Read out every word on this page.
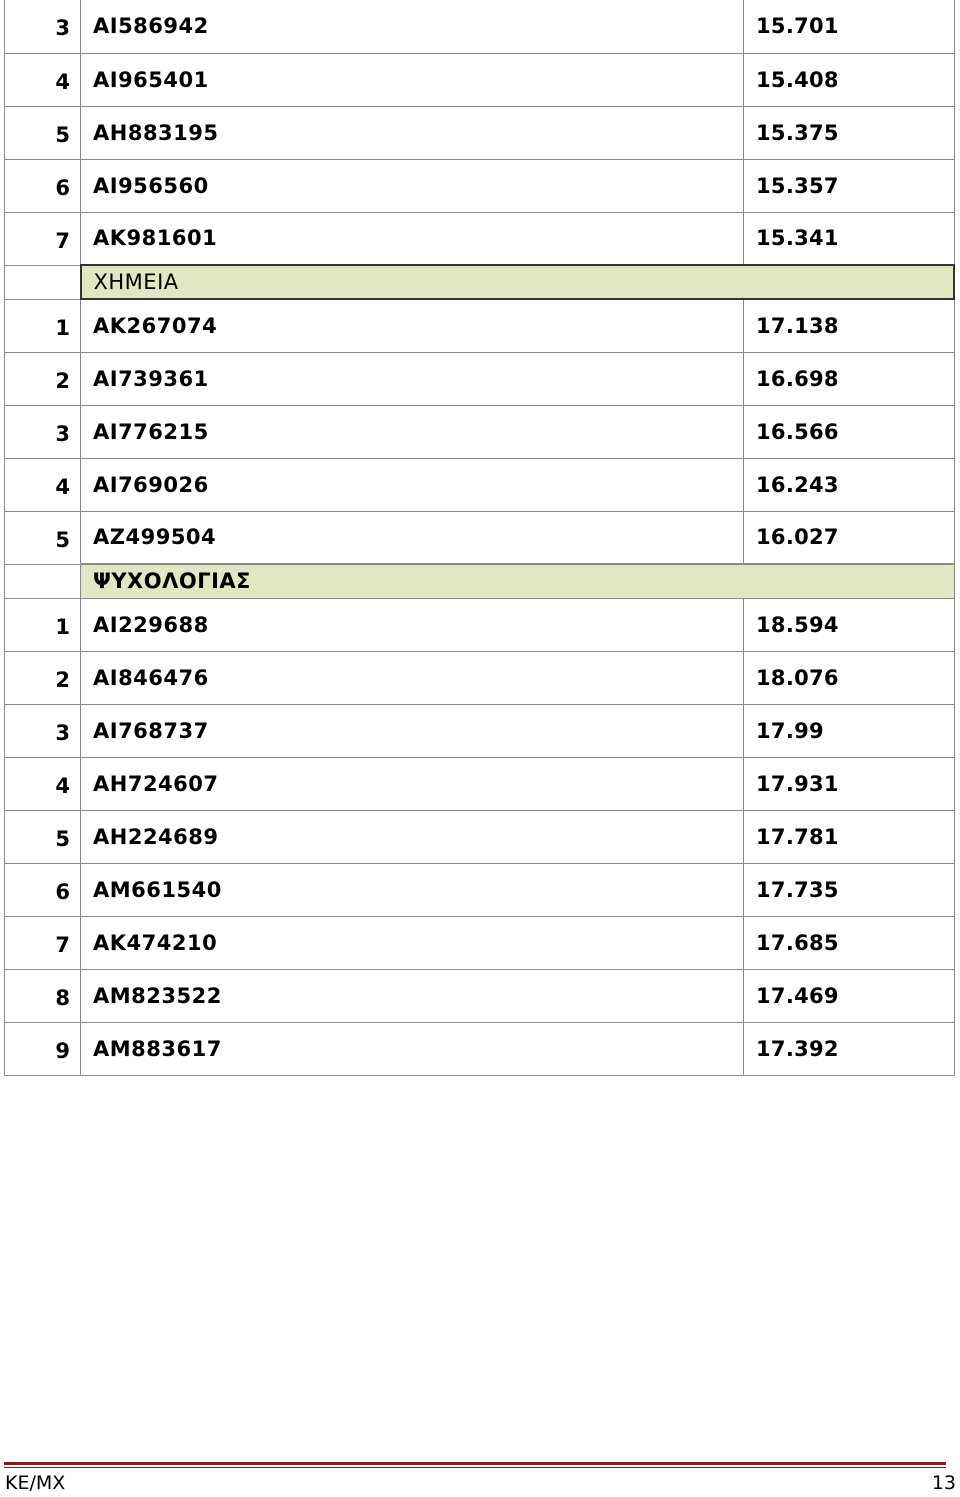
3	ΑΙ586942	15.701
4	ΑΙ965401	15.408
5	ΑΗ883195	15.375
6	ΑΙ956560	15.357
7	ΑΚ981601	15.341
	ΧΗΜΕΙΑ	
1	ΑΚ267074	17.138
2	ΑΙ739361	16.698
3	ΑΙ776215	16.566
4	ΑΙ769026	16.243
5	ΑΖ499504	16.027
	ΨΥΧΟΛΟΓΙΑΣ	
1	ΑΙ229688	18.594
2	ΑΙ846476	18.076
3	ΑΙ768737	17.99
4	ΑΗ724607	17.931
5	ΑΗ224689	17.781
6	ΑΜ661540	17.735
7	ΑΚ474210	17.685
8	ΑΜ823522	17.469
9	ΑΜ883617	17.392
ΚΕ/ΜΧ	13
